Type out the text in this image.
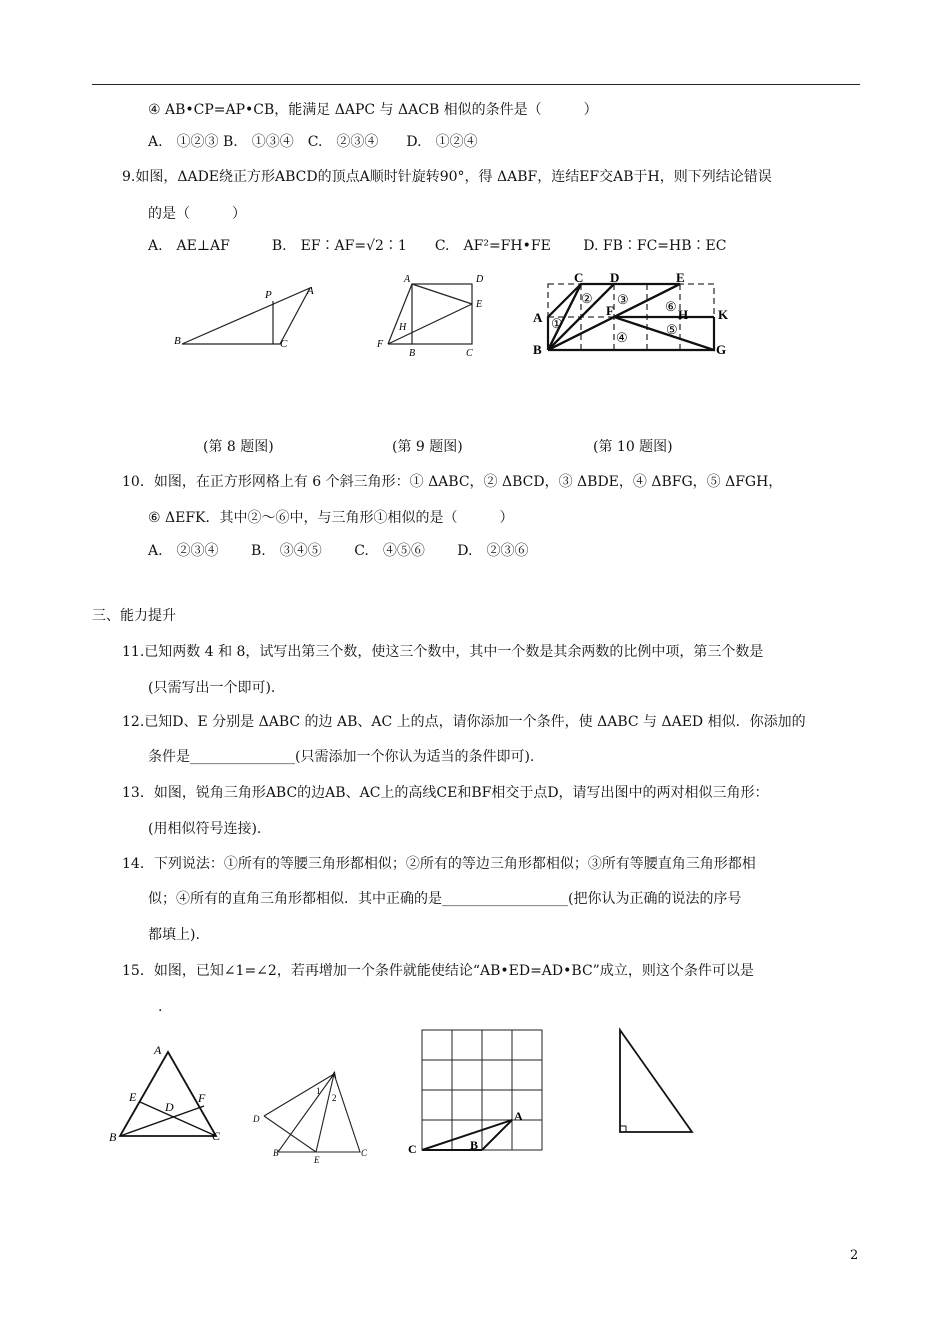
④ AB•CP=AP•CB，能满足 ΔAPC 与 ΔACB 相似的条件是（　　　）
A.　①②③ B.　①③④　C.　②③④　　D.　①②④
9.如图，ΔADE绕正方形ABCD的顶点A顺时针旋转90°，得 ΔABF，连结EF交AB于H，则下列结论错误
的是（　　　）
A.　AE⊥AF　　　B.　EF∶AF=√2∶1　　C.　AF²=FH•FE　　 D. FB∶FC=HB∶EC
P	A
B	C
A	D
E
H
F
B	C
C D	E
A
B
F
G
H K
①
② ③
④
⑤
⑥
(第 8 题图)	(第 9 题图)	(第 10 题图)
10．如图，在正方形网格上有 6 个斜三角形：① ΔABC，② ΔBCD，③ ΔBDE，④ ΔBFG，⑤ ΔFGH，
⑥ ΔEFK．其中②～⑥中，与三角形①相似的是（　　　）
A.　②③④　　 B.　③④⑤　　 C.　④⑤⑥　　 D.　②③⑥
三、能力提升
11.已知两数 4 和 8，试写出第三个数，使这三个数中，其中一个数是其余两数的比例中项，第三个数是
(只需写出一个即可).
12.已知D、E 分别是 ΔABC 的边 AB、AC 上的点，请你添加一个条件，使 ΔABC 与 ΔAED 相似．你添加的
条件是_______________(只需添加一个你认为适当的条件即可).
13．如图，锐角三角形ABC的边AB、AC上的高线CE和BF相交于点D，请写出图中的两对相似三角形：
(用相似符号连接).
14．下列说法：①所有的等腰三角形都相似；②所有的等边三角形都相似；③所有等腰直角三角形都相
似；④所有的直角三角形都相似．其中正确的是__________________(把你认为正确的说法的序号
都填上).
15．如图，已知∠1=∠2，若再增加一个条件就能使结论“AB•ED=AD•BC”成立，则这个条件可以是
.
A
E
D
F
B	C
A
D
B
E
C
1
2
A
B
C
2
